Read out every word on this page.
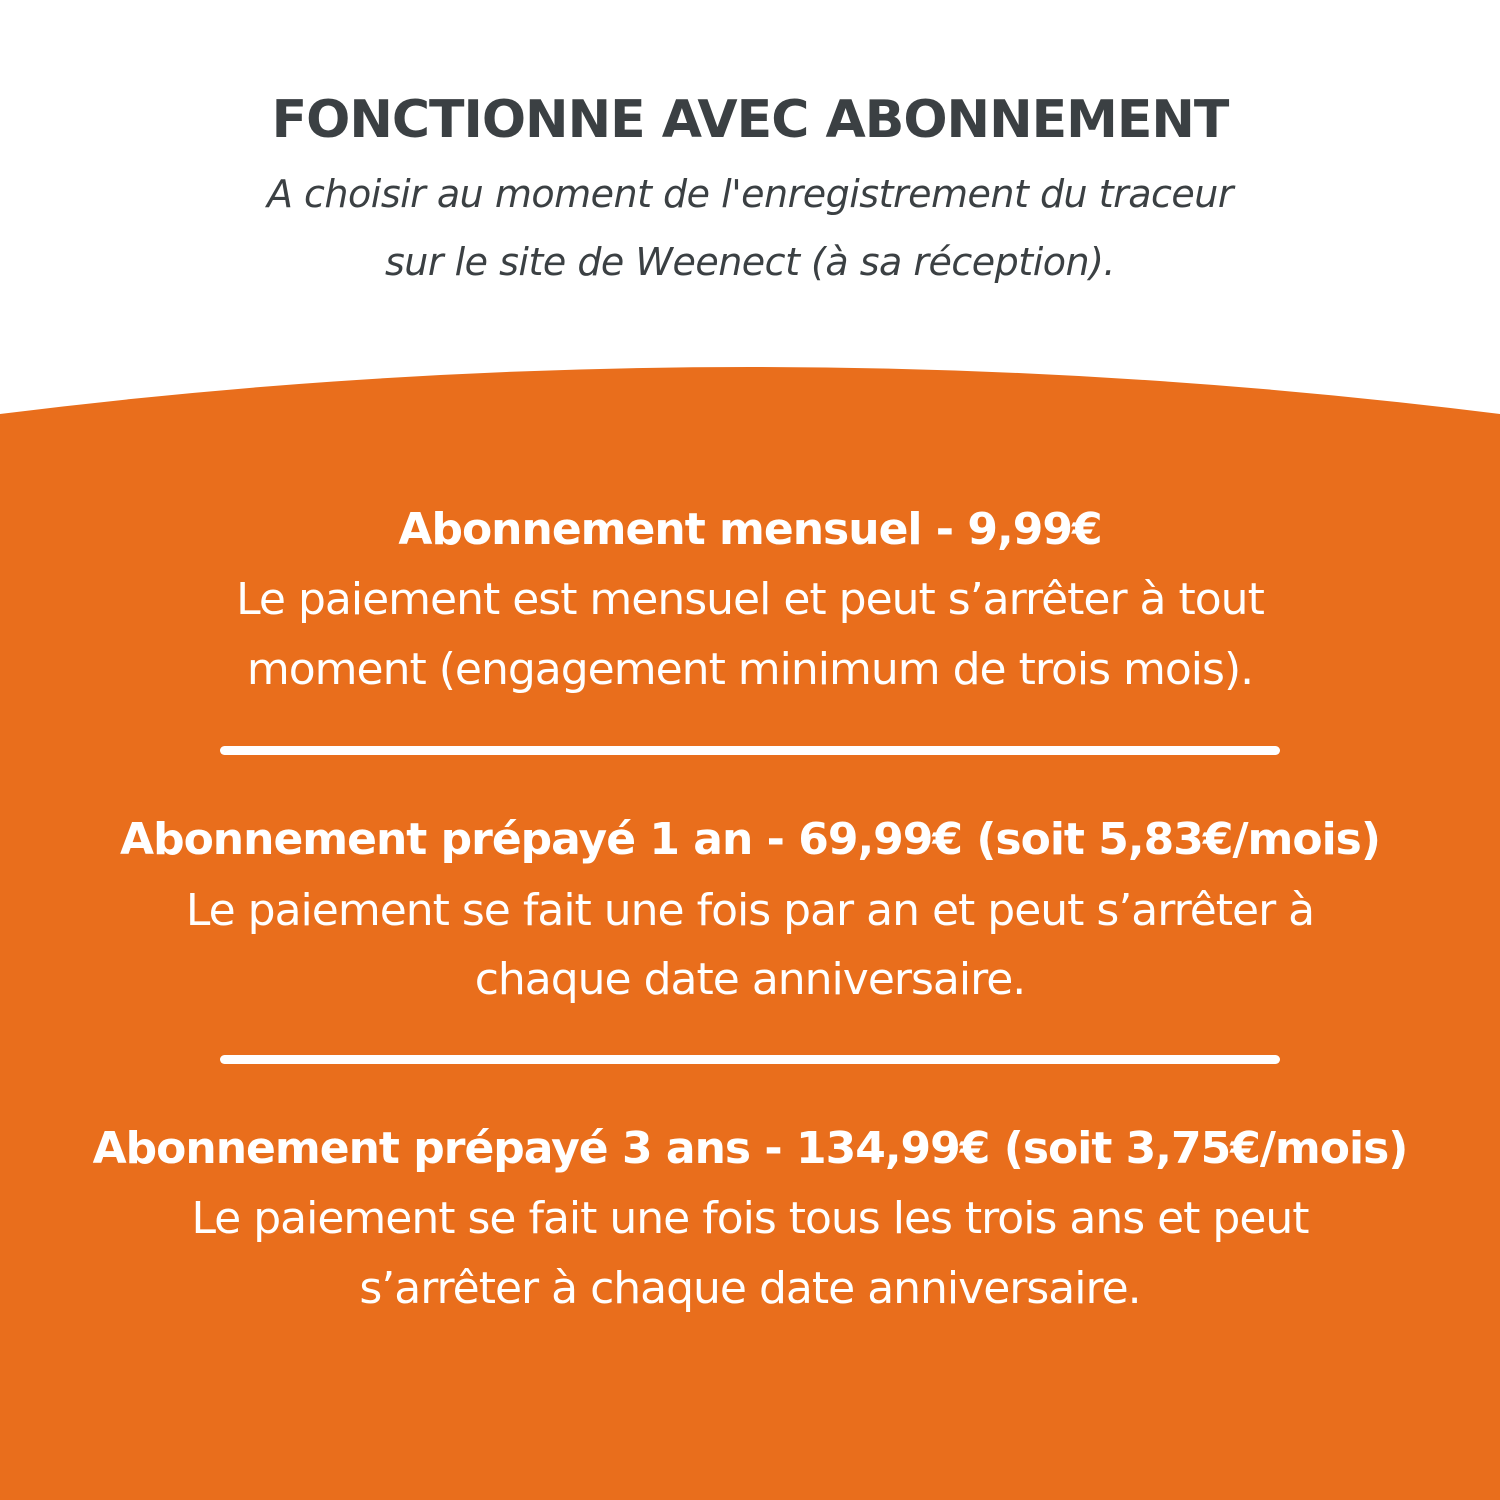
FONCTIONNE AVEC ABONNEMENT

A choisir au moment de l'enregistrement du traceur

sur le site de Weenect (à sa réception).

Abonnement mensuel - 9,99€

Le paiement est mensuel et peut s’arrêter à tout

moment (engagement minimum de trois mois).

Abonnement prépayé 1 an - 69,99€ (soit 5,83€/mois)

Le paiement se fait une fois par an et peut s’arrêter à

chaque date anniversaire.

Abonnement prépayé 3 ans - 134,99€ (soit 3,75€/mois)

Le paiement se fait une fois tous les trois ans et peut

s’arrêter à chaque date anniversaire.
